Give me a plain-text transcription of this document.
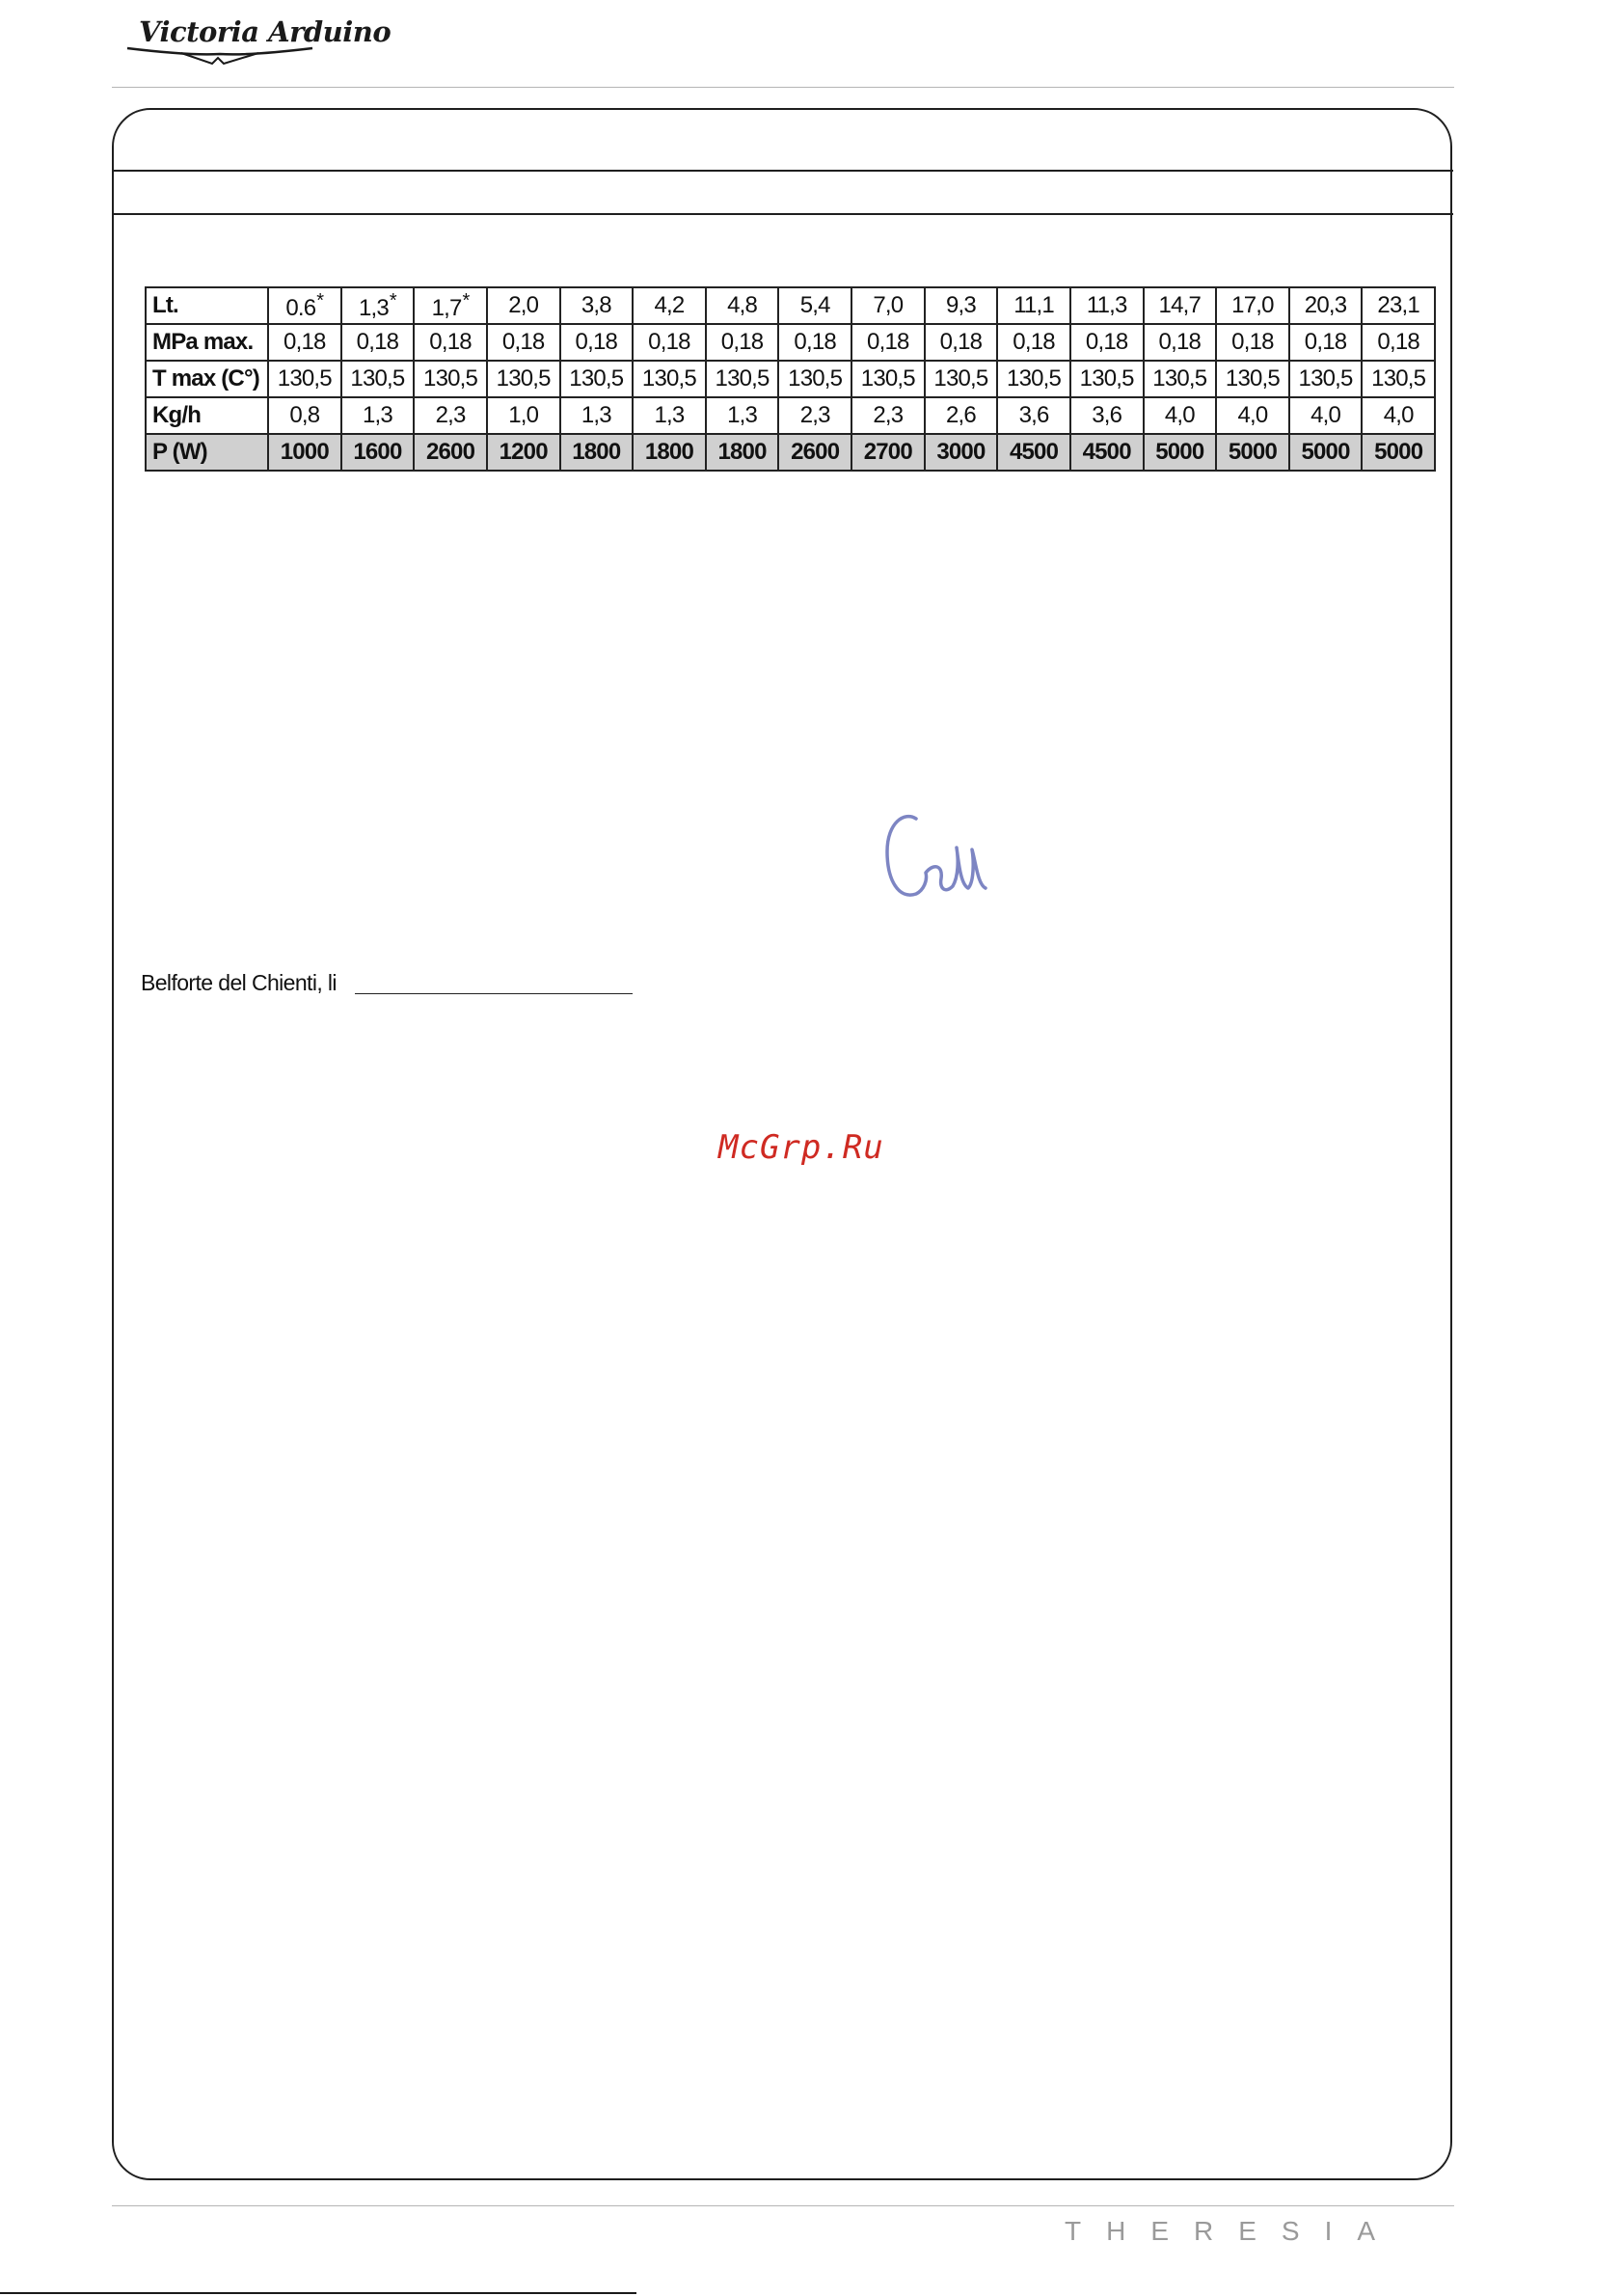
Victoria Arduino
Lt.	0.6*	1,3*	1,7*	2,0	3,8	4,2	4,8	5,4	7,0	9,3	11,1	11,3	14,7	17,0	20,3	23,1
MPa max.	0,18	0,18	0,18	0,18	0,18	0,18	0,18	0,18	0,18	0,18	0,18	0,18	0,18	0,18	0,18	0,18
T max (C°)	130,5	130,5	130,5	130,5	130,5	130,5	130,5	130,5	130,5	130,5	130,5	130,5	130,5	130,5	130,5	130,5
Kg/h	0,8	1,3	2,3	1,0	1,3	1,3	1,3	2,3	2,3	2,6	3,6	3,6	4,0	4,0	4,0	4,0
P (W)	1000	1600	2600	1200	1800	1800	1800	2600	2700	3000	4500	4500	5000	5000	5000	5000
Belforte del Chienti, li
McGrp.Ru
THERESIA
